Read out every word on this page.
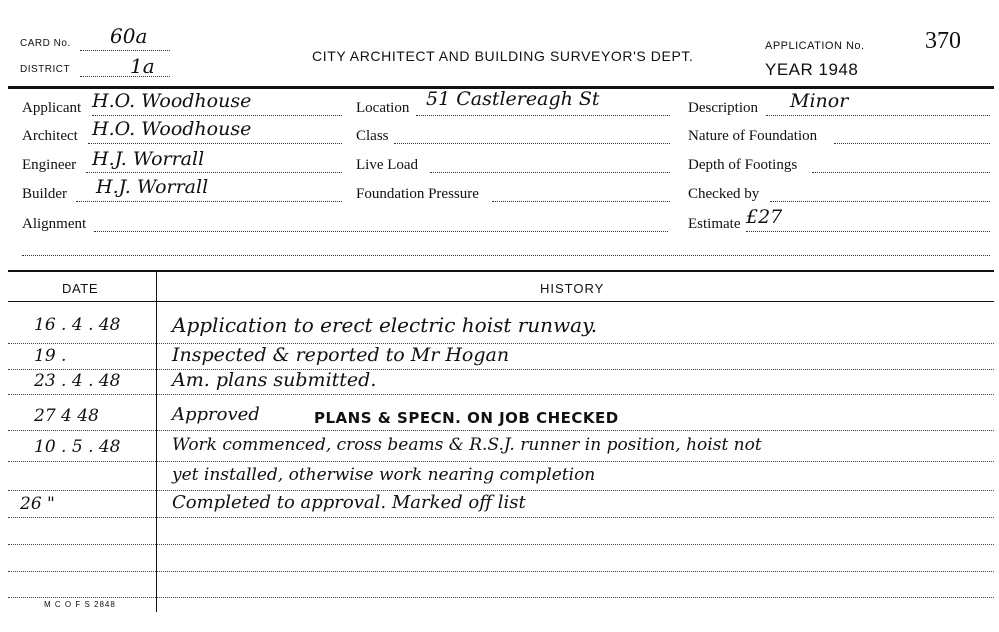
CARD No. 60a
DISTRICT	1a	CITY ARCHITECT AND BUILDING SURVEYOR'S DEPT.
APPLICATION No.	370
YEAR 1948
Applicant H.O. Woodhouse
Architect H.O. Woodhouse
Engineer H.J. Worrall
Builder H.J. Worrall
Alignment
Location 51 Castlereagh St
Class
Live Load
Foundation Pressure
Description Minor
Nature of Foundation
Depth of Footings
Checked by
Estimate £27
DATE	HISTORY
16 . 4 . 48	Application to erect electric hoist runway.
19 .	Inspected & reported to Mr Hogan
23 . 4 . 48	Am. plans submitted.
27 4 48	Approved	PLANS & SPECN. ON JOB CHECKED
10 . 5 . 48	Work commenced, cross beams & R.S.J. runner in position, hoist not
yet installed, otherwise work nearing completion
26 "	Completed to approval. Marked off list
M C O F S 2848
